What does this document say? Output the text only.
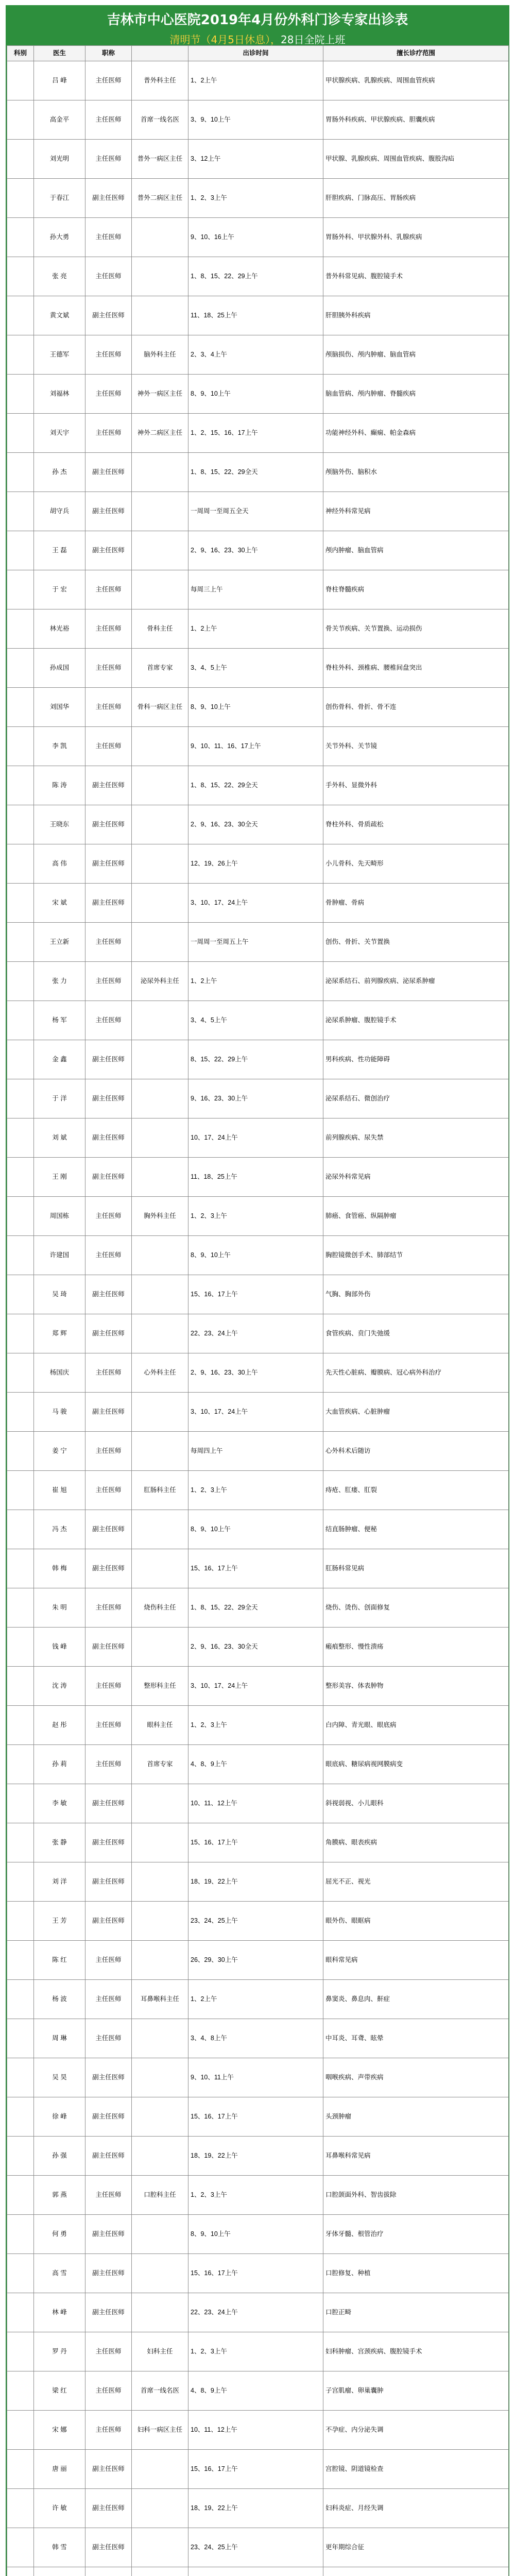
吉林市中心医院2019年4月份外科门诊专家出诊表
清明节（4月5日休息），28日全院上班
科别	医生	职称		出诊时间	擅长诊疗范围
	吕 峰	主任医师	普外科主任	1、2上午	甲状腺疾病、乳腺疾病、周围血管疾病
	高金平	主任医师	首席一线名医	3、9、10上午	胃肠外科疾病、甲状腺疾病、胆囊疾病
	刘光明	主任医师	普外一病区主任	3、12上午	甲状腺、乳腺疾病、周围血管疾病、腹股沟疝
	于春江	副主任医师	普外二病区主任	1、2、3上午	肝胆疾病、门脉高压、胃肠疾病
	孙大勇	主任医师		9、10、16上午	胃肠外科、甲状腺外科、乳腺疾病
	张 亮	主任医师		1、8、15、22、29上午	普外科常见病、腹腔镜手术
	黄文斌	副主任医师		11、18、25上午	肝胆胰外科疾病
	王德军	主任医师	脑外科主任	2、3、4上午	颅脑损伤、颅内肿瘤、脑血管病
	刘福林	主任医师	神外一病区主任	8、9、10上午	脑血管病、颅内肿瘤、脊髓疾病
	刘天宇	主任医师	神外二病区主任	1、2、15、16、17上午	功能神经外科、癫痫、帕金森病
	孙 杰	副主任医师		1、8、15、22、29全天	颅脑外伤、脑积水
	胡守兵	副主任医师		一周周一至周五全天	神经外科常见病
	王 磊	副主任医师		2、9、16、23、30上午	颅内肿瘤、脑血管病
	于 宏	主任医师		每周三上午	脊柱脊髓疾病
	林光裕	主任医师	骨科主任	1、2上午	骨关节疾病、关节置换、运动损伤
	孙成国	主任医师	首席专家	3、4、5上午	脊柱外科、颈椎病、腰椎间盘突出
	刘国华	主任医师	骨科一病区主任	8、9、10上午	创伤骨科、骨折、骨不连
	李 凯	主任医师		9、10、11、16、17上午	关节外科、关节镜
	陈 涛	副主任医师		1、8、15、22、29全天	手外科、显微外科
	王晓东	副主任医师		2、9、16、23、30全天	脊柱外科、骨质疏松
	高 伟	副主任医师		12、19、26上午	小儿骨科、先天畸形
	宋 斌	副主任医师		3、10、17、24上午	骨肿瘤、骨病
	王立新	主任医师		一周周一至周五上午	创伤、骨折、关节置换
	张 力	主任医师	泌尿外科主任	1、2上午	泌尿系结石、前列腺疾病、泌尿系肿瘤
	杨 军	主任医师		3、4、5上午	泌尿系肿瘤、腹腔镜手术
	金 鑫	副主任医师		8、15、22、29上午	男科疾病、性功能障碍
	于 洋	副主任医师		9、16、23、30上午	泌尿系结石、微创治疗
	刘 斌	副主任医师		10、17、24上午	前列腺疾病、尿失禁
	王 刚	副主任医师		11、18、25上午	泌尿外科常见病
	周国栋	主任医师	胸外科主任	1、2、3上午	肺癌、食管癌、纵隔肿瘤
	许建国	主任医师		8、9、10上午	胸腔镜微创手术、肺部结节
	吴 琦	副主任医师		15、16、17上午	气胸、胸部外伤
	郑 辉	副主任医师		22、23、24上午	食管疾病、贲门失弛缓
	杨国庆	主任医师	心外科主任	2、9、16、23、30上午	先天性心脏病、瓣膜病、冠心病外科治疗
	马 骏	副主任医师		3、10、17、24上午	大血管疾病、心脏肿瘤
	姜 宁	主任医师		每周四上午	心外科术后随访
	崔 旭	主任医师	肛肠科主任	1、2、3上午	痔疮、肛瘘、肛裂
	冯 杰	副主任医师		8、9、10上午	结直肠肿瘤、便秘
	韩 梅	副主任医师		15、16、17上午	肛肠科常见病
	朱 明	主任医师	烧伤科主任	1、8、15、22、29全天	烧伤、烫伤、创面修复
	钱 峰	副主任医师		2、9、16、23、30全天	瘢痕整形、慢性溃疡
	沈 涛	主任医师	整形科主任	3、10、17、24上午	整形美容、体表肿物
	赵 彤	主任医师	眼科主任	1、2、3上午	白内障、青光眼、眼底病
	孙 莉	主任医师	首席专家	4、8、9上午	眼底病、糖尿病视网膜病变
	李 敏	副主任医师		10、11、12上午	斜视弱视、小儿眼科
	张 静	副主任医师		15、16、17上午	角膜病、眼表疾病
	刘 洋	副主任医师		18、19、22上午	屈光不正、视光
	王 芳	副主任医师		23、24、25上午	眼外伤、眼眶病
	陈 红	主任医师		26、29、30上午	眼科常见病
	杨 波	主任医师	耳鼻喉科主任	1、2上午	鼻窦炎、鼻息肉、鼾症
	周 琳	主任医师		3、4、8上午	中耳炎、耳聋、眩晕
	吴 昊	副主任医师		9、10、11上午	咽喉疾病、声带疾病
	徐 峰	副主任医师		15、16、17上午	头颈肿瘤
	孙 强	副主任医师		18、19、22上午	耳鼻喉科常见病
	郭 燕	主任医师	口腔科主任	1、2、3上午	口腔颌面外科、智齿拔除
	何 勇	副主任医师		8、9、10上午	牙体牙髓、根管治疗
	高 雪	副主任医师		15、16、17上午	口腔修复、种植
	林 峰	副主任医师		22、23、24上午	口腔正畸
	罗 丹	主任医师	妇科主任	1、2、3上午	妇科肿瘤、宫颈疾病、腹腔镜手术
	梁 红	主任医师	首席一线名医	4、8、9上午	子宫肌瘤、卵巢囊肿
	宋 娜	主任医师	妇科一病区主任	10、11、12上午	不孕症、内分泌失调
	唐 丽	副主任医师		15、16、17上午	宫腔镜、阴道镜检查
	许 敏	副主任医师		18、19、22上午	妇科炎症、月经失调
	韩 雪	副主任医师		23、24、25上午	更年期综合征
